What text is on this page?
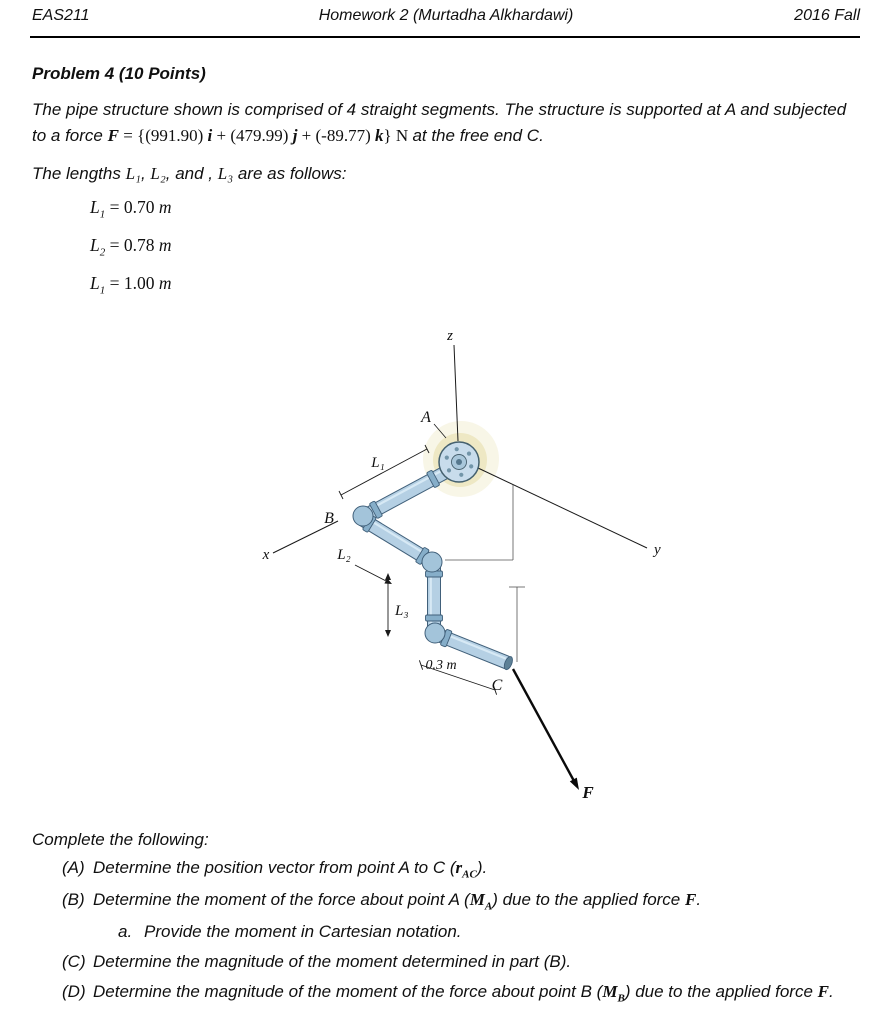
EAS211	Homework 2 (Murtadha Alkhardawi)	2016 Fall
Problem 4 (10 Points)
The pipe structure shown is comprised of 4 straight segments. The structure is supported at A and subjected to a force F = {(991.90) i + (479.99) j + (-89.77) k} N at the free end C.
The lengths L₁, L₂, and , L₃ are as follows:
$L_1 = 0.70$ m
$L_2 = 0.78$ m
$L_1 = 1.00$ m
z
y
x
A
L₁
L₂
L₃
0.3 m
B
C
F
Complete the following:
(A) Determine the position vector from point A to C $(r_{AC})$.
(B) Determine the moment of the force about point A $(M_A)$ due to the applied force F.
a. Provide the moment in Cartesian notation.
(C) Determine the magnitude of the moment determined in part (B).
(D) Determine the magnitude of the moment of the force about point B $(M_B)$ due to the applied force F.
